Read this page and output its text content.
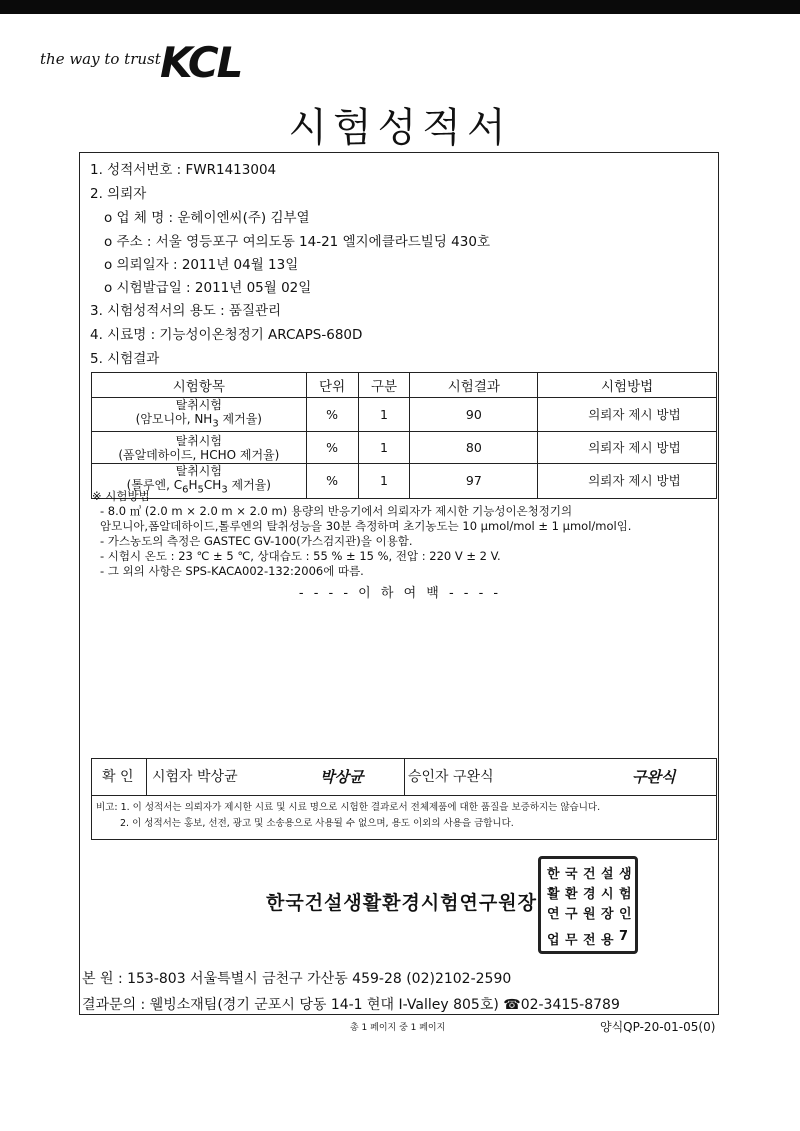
the way to trust KCL
시험성적서
1. 성적서번호 : FWR1413004
2. 의뢰자
o 업 체 명 : 운헤이엔씨(주) 김부열
o 주소 : 서울 영등포구 여의도동 14-21 엘지에클라드빌딩 430호
o 의뢰일자 : 2011년 04월 13일
o 시험발급일 : 2011년 05월 02일
3. 시험성적서의 용도 : 품질관리
4. 시료명 : 기능성이온청정기 ARCAPS-680D
5. 시험결과
시험항목	단위	구분	시험결과	시험방법

탈취시험
(암모니아, $NH_3$ 제거율)	%	1	90	의뢰자 제시 방법

탈취시험
(폼알데하이드, HCHO 제거율)	%	1	80	의뢰자 제시 방법

탈취시험
(톨루엔, $C_6H_5CH_3$ 제거율)	%	1	97	의뢰자 제시 방법
※ 시험방법
- 8.0 ㎥ (2.0 m × 2.0 m × 2.0 m) 용량의 반응기에서 의뢰자가 제시한 기능성이온청정기의
암모니아,폼알데하이드,톨루엔의 탈취성능을 30분 측정하며 초기농도는 10 μmol/mol ± 1 μmol/mol임.
- 가스농도의 측정은 GASTEC GV-100(가스검지관)을 이용함.
- 시험시 온도 : 23 ℃ ± 5 ℃, 상대습도 : 55 % ± 15 %, 전압 : 220 V ± 2 V.
- 그 외의 사항은 SPS-KACA002-132:2006에 따름.
- - - - 이 하 여 백 - - - -
확 인 시험자 박상균	박상균	승인자 구완식	구완식
비고: 1. 이 성적서는 의뢰자가 제시한 시료 및 시료 명으로 시험한 결과로서 전체제품에 대한 품질을 보증하지는 않습니다.
2. 이 성적서는 홍보, 선전, 광고 및 소송용으로 사용될 수 없으며, 용도 이외의 사용을 금합니다.
한국건설생활환경시험연구원장
한 국 건 설 생
활 환 경 시 험
연 구 원 장 인
업 무 전 용 7
본 원 : 153-803 서울특별시 금천구 가산동 459-28 (02)2102-2590
결과문의 : 웰빙소재팀(경기 군포시 당동 14-1 현대 I-Valley 805호) ☎02-3415-8789
총 1 페이지 중 1 페이지	양식QP-20-01-05(0)
